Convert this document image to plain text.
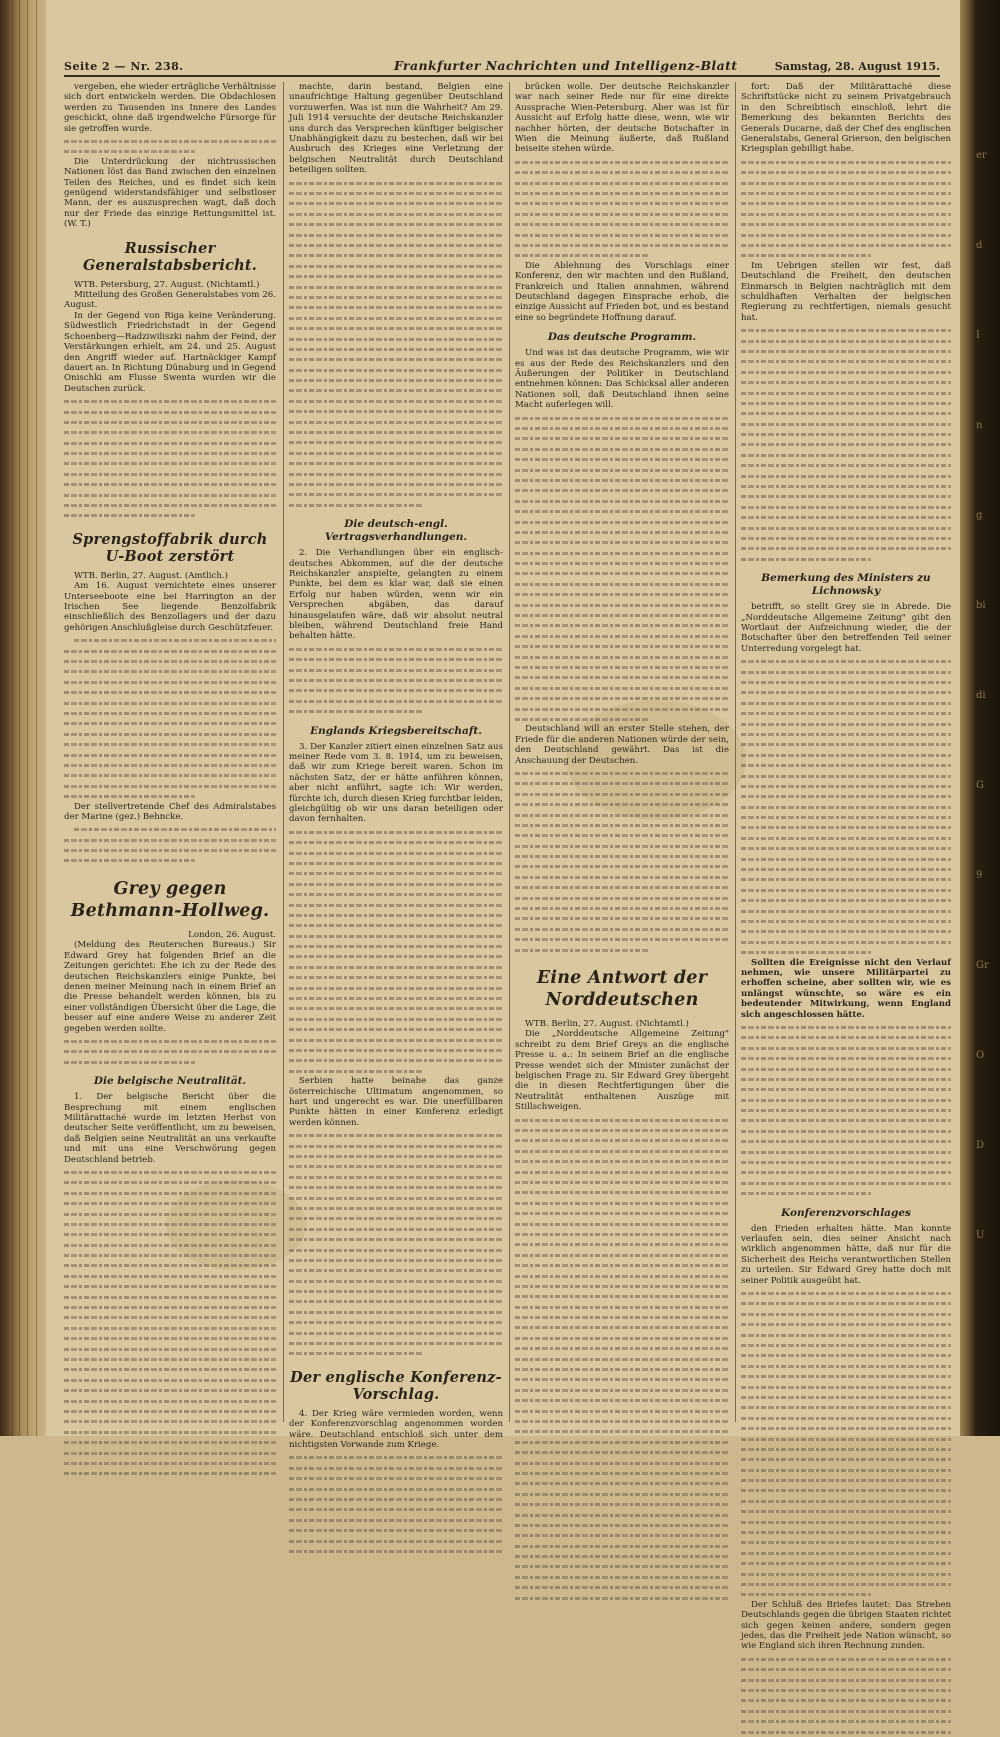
Seite 2 — Nr. 238.	Frankfurter Nachrichten und Intelligenz-Blatt	Samstag, 28. August 1915.

vergeben, ehe wieder erträgliche Verhältnisse sich dort entwickeln werden. Die Obdachlosen werden zu Tausenden ins Innere des Landes geschickt, ohne daß irgendwelche Fürsorge für sie getroffen wurde.

Die Unterdrückung der nichtrussischen Nationen löst das Band zwischen den einzelnen Teilen des Reiches, und es findet sich kein genügend widerstandsfähiger und selbstloser Mann, der es auszusprechen wagt, daß doch nur der Friede das einzige Rettungsmittel ist. (W. T.)

Russischer Generalstabsbericht.

WTB. Petersburg, 27. August. (Nichtamtl.)

Mitteilung des Großen Generalstabes vom 26. August.

In der Gegend von Riga keine Veränderung. Südwestlich Friedrichstadt in der Gegend Schoenberg—Radziwiliszki nahm der Feind, der Verstärkungen erhielt, am 24. und 25. August den Angriff wieder auf. Hartnäckiger Kampf dauert an. In Richtung Dünaburg und in Gegend Onischki am Flusse Swenta wurden wir die Deutschen zurück.

Sprengstoffabrik durch U-Boot zerstört

WTB. Berlin, 27. August. (Amtlich.)

Am 16. August vernichtete eines unserer Unterseeboote eine bei Harrington an der Irischen See liegende Benzolfabrik einschließlich des Benzollagers und der dazu gehörigen Anschlußgleise durch Geschützfeuer.

Der stellvertretende Chef des Admiralstabes der Marine (gez.) Behncke.

Grey gegen Bethmann-Hollweg.

London, 26. August.

(Meldung des Reuterschen Bureaus.) Sir Edward Grey hat folgenden Brief an die Zeitungen gerichtet: Ehe ich zu der Rede des deutschen Reichskanzlers einige Punkte, bei denen meiner Meinung nach in einem Brief an die Presse behandelt werden können, bis zu einer vollständigen Übersicht über die Lage, die besser auf eine andere Weise zu anderer Zeit gegeben werden sollte.

Die belgische Neutralität.

1. Der belgische Bericht über die Besprechung mit einem englischen Militärattaché wurde im letzten Herbst von deutscher Seite veröffentlicht, um zu beweisen, daß Belgien seine Neutralität an uns verkaufte und mit uns eine Verschwörung gegen Deutschland betrieb.

machte, darin bestand, Belgien eine unaufrichtige Haltung gegenüber Deutschland vorzuwerfen. Was ist nun die Wahrheit? Am 29. Juli 1914 versuchte der deutsche Reichskanzler uns durch das Versprechen künftiger belgischer Unabhängigkeit dazu zu bestechen, daß wir bei Ausbruch des Krieges eine Verletzung der belgischen Neutralität durch Deutschland beteiligen sollten.

Die deutsch-engl. Vertragsverhandlungen.

2. Die Verhandlungen über ein englisch-deutsches Abkommen, auf die der deutsche Reichskanzler anspielte, gelangten zu einem Punkte, bei dem es klar war, daß sie einen Erfolg nur haben würden, wenn wir ein Versprechen abgäben, das darauf hinausgelaufen wäre, daß wir absolut neutral bleiben, während Deutschland freie Hand behalten hätte.

Englands Kriegsbereitschaft.

3. Der Kanzler zitiert einen einzelnen Satz aus meiner Rede vom 3. 8. 1914, um zu beweisen, daß wir zum Kriege bereit waren. Schon im nächsten Satz, der er hätte anführen können, aber nicht anführt, sagte ich: Wir werden, fürchte ich, durch diesen Krieg furchtbar leiden, gleichgültig ob wir uns daran beteiligen oder davon fernhalten.

Serbien hatte beinahe das ganze österreichische Ultimatum angenommen, so hart und ungerecht es war. Die unerfüllbaren Punkte hätten in einer Konferenz erledigt werden können.

Der englische Konferenz-Vorschlag.

4. Der Krieg wäre vermieden worden, wenn der Konferenzvorschlag angenommen worden wäre. Deutschland entschloß sich unter dem nichtigsten Vorwande zum Kriege.

brücken wolle. Der deutsche Reichskanzler war nach seiner Rede nur für eine direkte Aussprache Wien-Petersburg. Aber was ist für Aussicht auf Erfolg hatte diese, wenn, wie wir nachher hörten, der deutsche Botschafter in Wien die Meinung äußerte, daß Rußland beiseite stehen würde.

Die Ablehnung des Vorschlags einer Konferenz, den wir machten und den Rußland, Frankreich und Italien annahmen, während Deutschland dagegen Einsprache erhob, die einzige Aussicht auf Frieden bot, und es bestand eine so begründete Hoffnung darauf.

Das deutsche Programm.

Und was ist das deutsche Programm, wie wir es aus der Rede des Reichskanzlers und den Äußerungen der Politiker in Deutschland entnehmen können: Das Schicksal aller anderen Nationen soll, daß Deutschland ihnen seine Macht auferlegen will.

Deutschland will an erster Stelle stehen, der Friede für die anderen Nationen würde der sein, den Deutschland gewährt. Das ist die Anschauung der Deutschen.

Eine Antwort der Norddeutschen

WTB. Berlin, 27. August. (Nichtamtl.)

Die „Norddeutsche Allgemeine Zeitung" schreibt zu dem Brief Greys an die englische Presse u. a.: In seinem Brief an die englische Presse wendet sich der Minister zunächst der belgischen Frage zu. Sir Edward Grey übergeht die in diesen Rechtfertigungen über die Neutralität enthaltenen Auszüge mit Stillschweigen.

fort: Daß der Militärattaché diese Schriftstücke nicht zu seinem Privatgebrauch in den Schreibtisch einschloß, lehrt die Bemerkung des bekannten Berichts des Generals Ducarne, daß der Chef des englischen Generalstabs, General Grierson, den belgischen Kriegsplan gebilligt habe.

Im Uebrigen stellen wir fest, daß Deutschland die Freiheit, den deutschen Einmarsch in Belgien nachträglich mit dem schuldhaften Verhalten der belgischen Regierung zu rechtfertigen, niemals gesucht hat.

Bemerkung des Ministers zu Lichnowsky

betrifft, so stellt Grey sie in Abrede. Die „Norddeutsche Allgemeine Zeitung" gibt den Wortlaut der Aufzeichnung wieder, die der Botschafter über den betreffenden Teil seiner Unterredung vorgelegt hat.

Sollten die Ereignisse nicht den Verlauf nehmen, wie unsere Militärpartei zu erhoffen scheine, aber sollten wir, wie es unlängst wünschte, so wäre es ein bedeutender Mitwirkung, wenn England sich angeschlossen hätte.

Konferenzvorschlages

den Frieden erhalten hätte. Man konnte verlaufen sein, dies seiner Ansicht nach wirklich angenommen hätte, daß nur für die Sicherheit des Reichs verantwortlichen Stellen zu urteilen. Sir Edward Grey hatte doch mit seiner Politik ausgeübt hat.

Der Schluß des Briefes lautet: Das Streben Deutschlands gegen die übrigen Staaten richtet sich gegen keinen andere, sondern gegen jedes, das die Freiheit jede Nation wünscht, so wie England sich ihren Rechnung zunden.

er
d
I
n
g
bi
di
G
9
Gr
O
D
U
